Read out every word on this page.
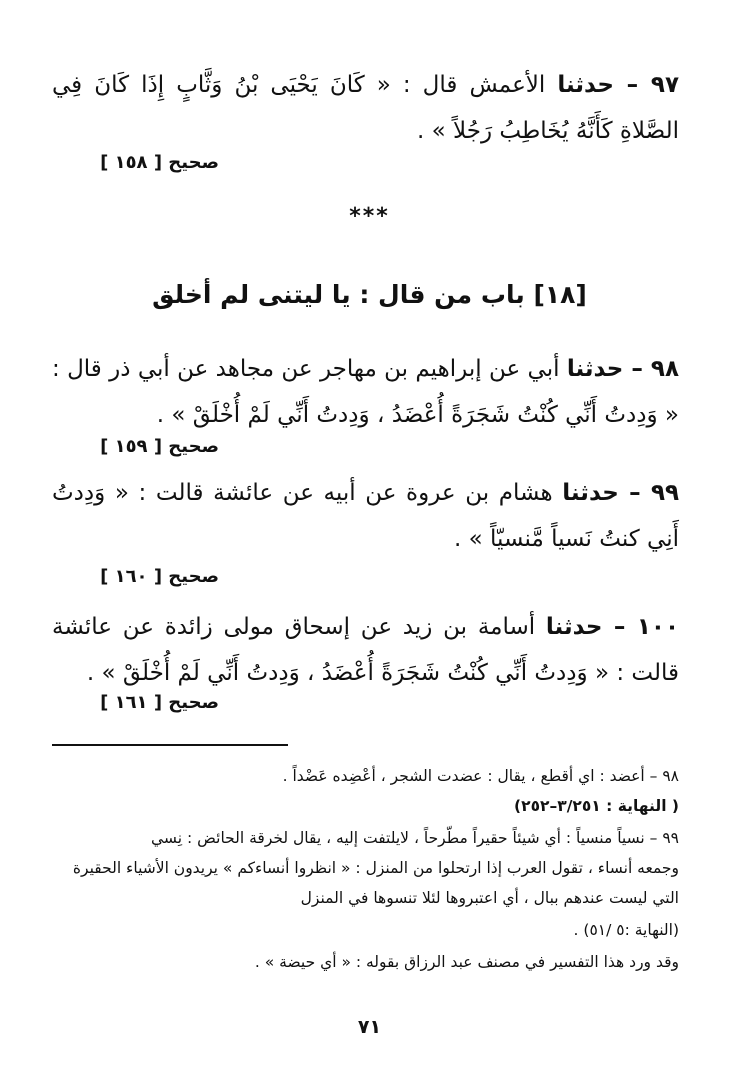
٩٧ – حدثنا الأعمش قال : « كَانَ يَحْيَى بْنُ وَثَّابٍ إِذَا كَانَ فِي الصَّلاةِ كَأَنَّهُ يُخَاطِبُ رَجُلاً » .
صحيح [ ١٥٨ ]
***
[١٨] باب من قال : يا ليتنى لم أخلق
٩٨ – حدثنا أبي عن إبراهيم بن مهاجر عن مجاهد عن أبي ذر قال : « وَدِدتُ أَنِّي كُنْتُ شَجَرَةً أُعْضَدُ ، وَدِدتُ أَنِّي لَمْ أُخْلَقْ » .
صحيح [ ١٥٩ ]
٩٩ – حدثنا هشام بن عروة عن أبيه عن عائشة قالت : « وَدِدتُ أَنِي كنتُ نَسياً مَّنسيّاً » .
صحيح [ ١٦٠ ]
١٠٠ – حدثنا أسامة بن زيد عن إسحاق مولى زائدة عن عائشة قالت : « وَدِدتُ أَنِّي كُنْتُ شَجَرَةً أُعْضَدُ ، وَدِدتُ أَنِّي لَمْ أُخْلَقْ » .
صحيح [ ١٦١ ]
٩٨ – أعضد : اي أقطع ، يقال : عضدت الشجر ، أعْضِده عَضْداً .
( النهاية : ٣/٢٥١–٢٥٢)
٩٩ – نسياً منسياً : أي شيئاً حقيراً مطّرحاً ، لايلتفت إليه ، يقال لخرقة الحائض : نِسي
وجمعه أنساء ، تقول العرب إذا ارتحلوا من المنزل : « انظروا أنساءكم » يريدون الأشياء الحقيرة
التي ليست عندهم ببال ، أي اعتبروها لئلا تنسوها في المنزل
(النهاية :٥ /٥١) .
وقد ورد هذا التفسير في مصنف عبد الرزاق بقوله : « أي حيضة » .
٧١
